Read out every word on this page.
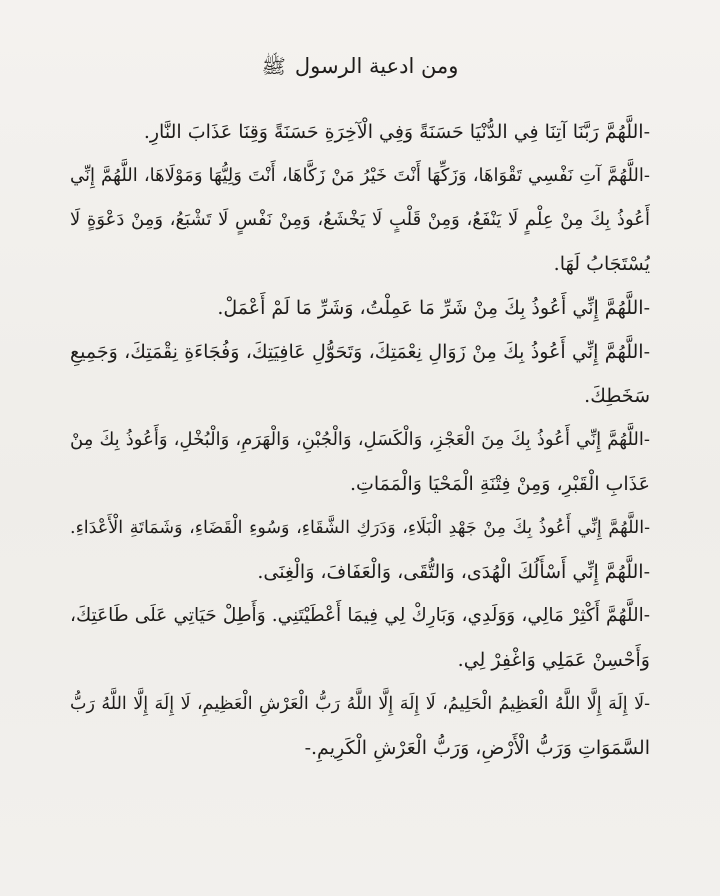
ومن ادعية الرسول ﷺ
-اللَّهُمَّ رَبَّنَا آتِنَا فِي الدُّنْيَا حَسَنَةً وَفِي الْآخِرَةِ حَسَنَةً وَقِنَا عَذَابَ النَّارِ.
-اللَّهُمَّ آتِ نَفْسِي تَقْوَاهَا، وَزَكِّهَا أَنْتَ خَيْرُ مَنْ زَكَّاهَا، أَنْتَ وَلِيُّهَا وَمَوْلَاهَا، اللَّهُمَّ إِنِّي
أَعُوذُ بِكَ مِنْ عِلْمٍ لَا يَنْفَعُ، وَمِنْ قَلْبٍ لَا يَخْشَعُ، وَمِنْ نَفْسٍ لَا تَشْبَعُ، وَمِنْ دَعْوَةٍ لَا
يُسْتَجَابُ لَهَا.
-اللَّهُمَّ إِنِّي أَعُوذُ بِكَ مِنْ شَرِّ مَا عَمِلْتُ، وَشَرِّ مَا لَمْ أَعْمَلْ.
-اللَّهُمَّ إِنِّي أَعُوذُ بِكَ مِنْ زَوَالِ نِعْمَتِكَ، وَتَحَوُّلِ عَافِيَتِكَ، وَفُجَاءَةِ نِقْمَتِكَ، وَجَمِيعِ
سَخَطِكَ.
-اللَّهُمَّ إِنِّي أَعُوذُ بِكَ مِنَ الْعَجْزِ، وَالْكَسَلِ، وَالْجُبْنِ، وَالْهَرَمِ، وَالْبُخْلِ، وَأَعُوذُ بِكَ مِنْ
عَذَابِ الْقَبْرِ، وَمِنْ فِتْنَةِ الْمَحْيَا وَالْمَمَاتِ.
-اللَّهُمَّ إِنِّي أَعُوذُ بِكَ مِنْ جَهْدِ الْبَلَاءِ، وَدَرَكِ الشَّقَاءِ، وَسُوءِ الْقَضَاءِ، وَشَمَاتَةِ الْأَعْدَاءِ.
-اللَّهُمَّ إِنِّي أَسْأَلُكَ الْهُدَى، وَالتُّقَى، وَالْعَفَافَ، وَالْغِنَى.
-اللَّهُمَّ أَكْثِرْ مَالِي، وَوَلَدِي، وَبَارِكْ لِي فِيمَا أَعْطَيْتَنِي. وَأَطِلْ حَيَاتِي عَلَى طَاعَتِكَ،
وَأَحْسِنْ عَمَلِي وَاغْفِرْ لِي.
-لَا إِلَهَ إِلَّا اللَّهُ الْعَظِيمُ الْحَلِيمُ، لَا إِلَهَ إِلَّا اللَّهُ رَبُّ الْعَرْشِ الْعَظِيمِ، لَا إِلَهَ إِلَّا اللَّهُ رَبُّ
السَّمَوَاتِ وَرَبُّ الْأَرْضِ، وَرَبُّ الْعَرْشِ الْكَرِيمِ.-
